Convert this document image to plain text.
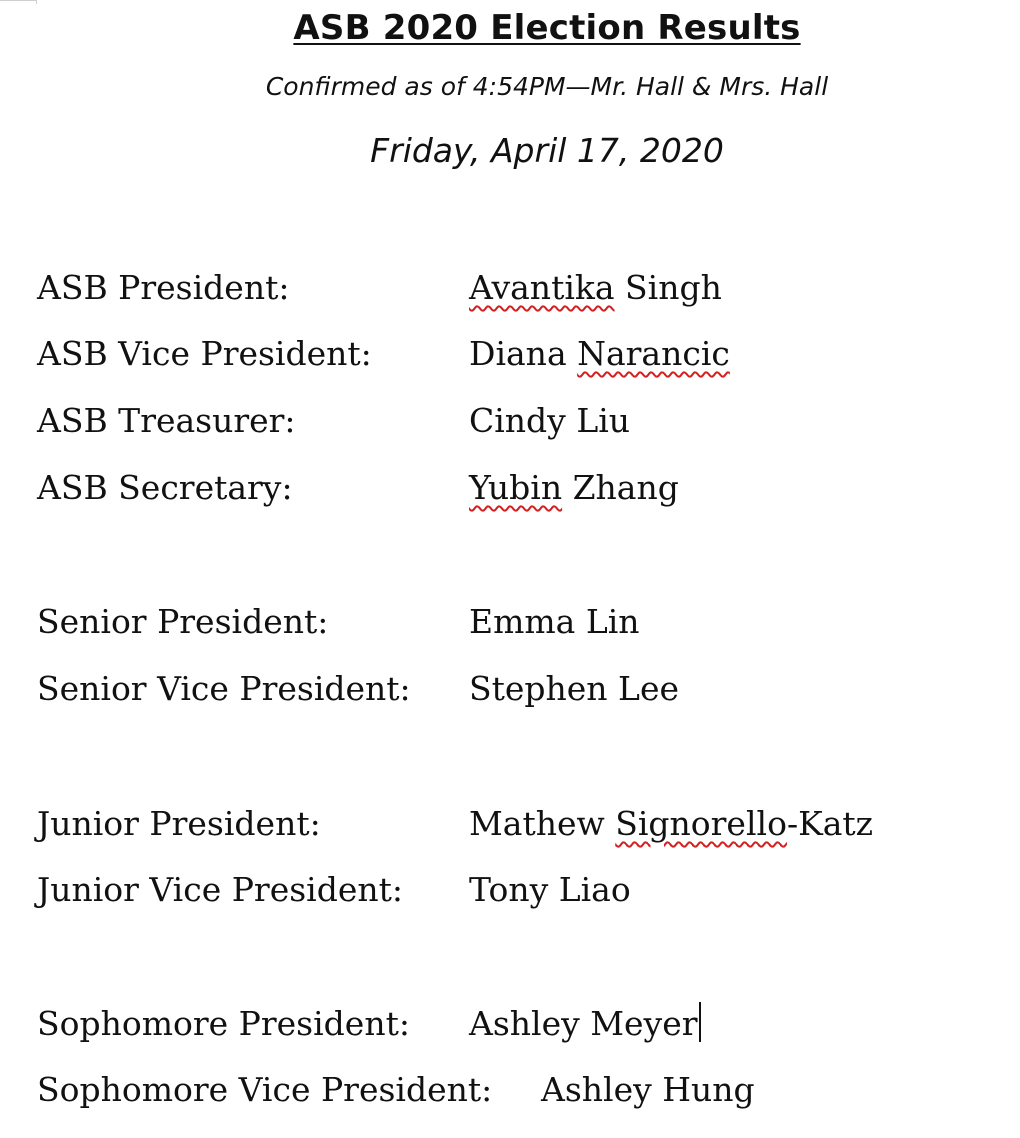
ASB 2020 Election Results
Confirmed as of 4:54PM—Mr. Hall & Mrs. Hall
Friday, April 17, 2020
ASB President:	Avantika Singh
ASB Vice President:	Diana Narancic
ASB Treasurer:	Cindy Liu
ASB Secretary:	Yubin Zhang
Senior President:	Emma Lin
Senior Vice President: Stephen Lee
Junior President:	Mathew Signorello-Katz
Junior Vice President: Tony Liao
Sophomore President: Ashley Meyer
Sophomore Vice President: Ashley Hung
